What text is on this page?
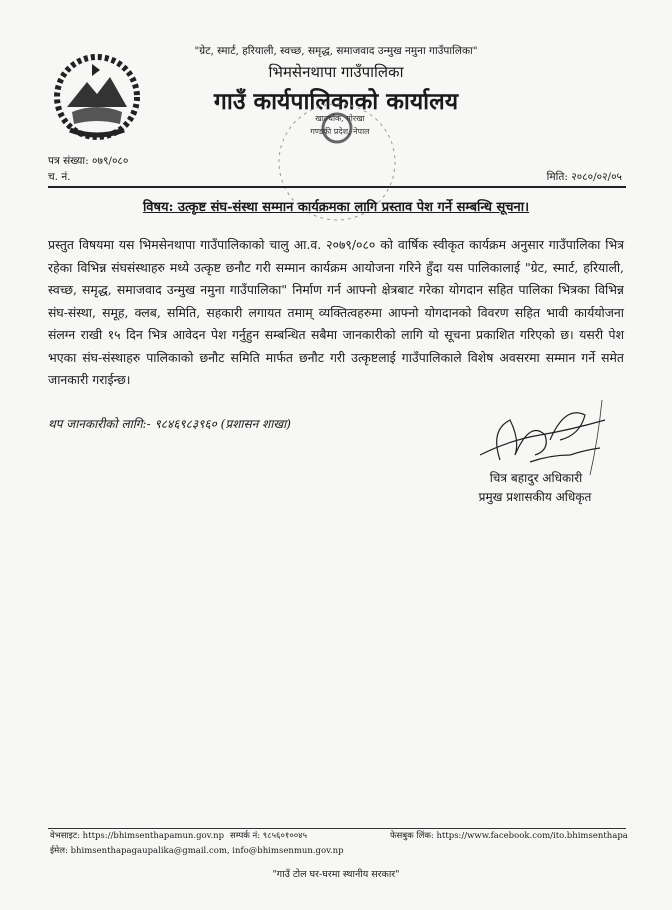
"ग्रेट, स्मार्ट, हरियाली, स्वच्छ, समृद्ध, समाजवाद उन्मुख नमुना गाउँपालिका"
भिमसेनथापा गाउँपालिका
गाउँ कार्यपालिकाको कार्यालय
खाल्चोक, गोरखा
गण्डकी प्रदेश, नेपाल
पत्र संख्या: ०७९/०८०
च. नं.	मिति: २०८०/०२/०५
विषय: उत्कृष्ट संघ-संस्था सम्मान कार्यक्रमका लागि प्रस्ताव पेश गर्ने सम्बन्धि सूचना।
प्रस्तुत विषयमा यस भिमसेनथापा गाउँपालिकाको चालु आ.व. २०७९/०८० को वार्षिक स्वीकृत कार्यक्रम अनुसार गाउँपालिका भित्र रहेका विभिन्न संघसंस्थाहरु मध्ये उत्कृष्ट छनौट गरी सम्मान कार्यक्रम आयोजना गरिने हुँदा यस पालिकालाई "ग्रेट, स्मार्ट, हरियाली, स्वच्छ, समृद्ध, समाजवाद उन्मुख नमुना गाउँपालिका" निर्माण गर्न आफ्नो क्षेत्रबाट गरेका योगदान सहित पालिका भित्रका विभिन्न संघ-संस्था, समूह, क्लब, समिति, सहकारी लगायत तमाम् व्यक्तित्वहरुमा आफ्नो योगदानको विवरण सहित भावी कार्ययोजना संलग्न राखी १५ दिन भित्र आवेदन पेश गर्नुहुन सम्बन्धित सबैमा जानकारीको लागि यो सूचना प्रकाशित गरिएको छ। यसरी पेश भएका संघ-संस्थाहरु पालिकाको छनौट समिति मार्फत छनौट गरी उत्कृष्टलाई गाउँपालिकाले विशेष अवसरमा सम्मान गर्ने समेत जानकारी गराईन्छ।
थप जानकारीको लागि:- ९८४६९८३९६० (प्रशासन शाखा)
चित्र बहादुर अधिकारी
प्रमुख प्रशासकीय अधिकृत
वेभसाइट: https://bhimsenthapamun.gov.np सम्पर्क नं: ९८५६०१००४५	फेसबुक लिंक: https://www.facebook.com/ito.bhimsenthapa
ईमेल: bhimsenthapagaupalika@gmail.com, info@bhimsenmun.gov.np
"गाउँ टोल घर-घरमा स्थानीय सरकार"
